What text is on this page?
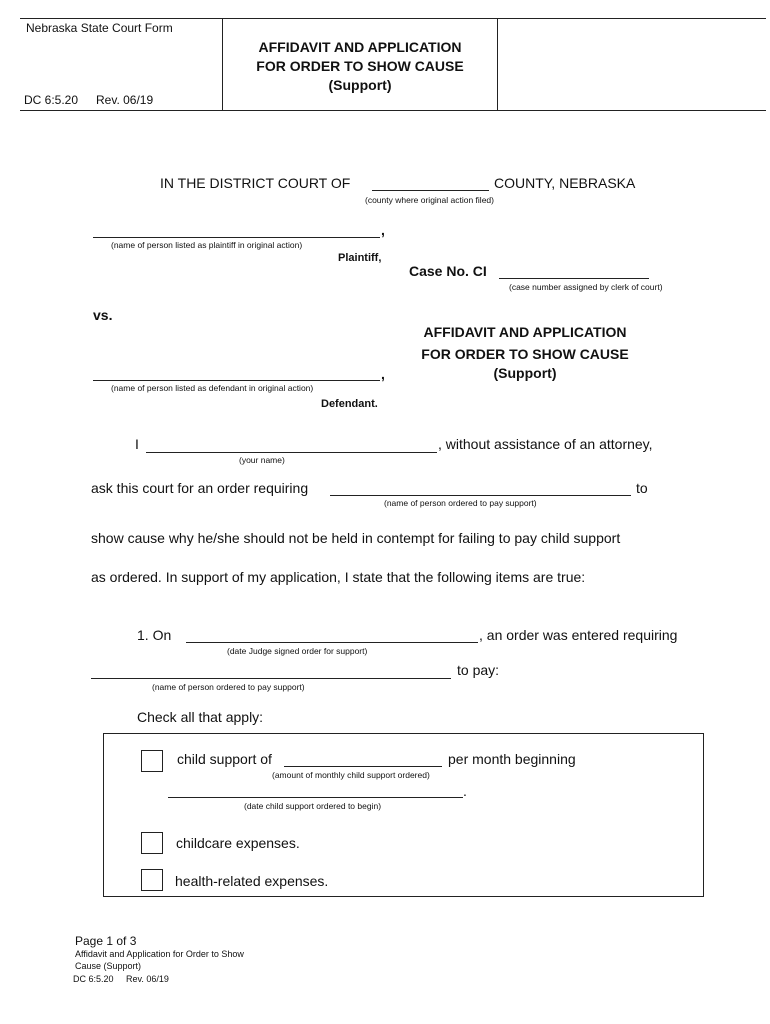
Nebraska State Court Form
DC 6:5.20 Rev. 06/19
AFFIDAVIT AND APPLICATION
FOR ORDER TO SHOW CAUSE
(Support)
IN THE DISTRICT COURT OF	COUNTY, NEBRASKA
(county where original action filed)
,
(name of person listed as plaintiff in original action)
Plaintiff,
Case No. CI
(case number assigned by clerk of court)
vs.
AFFIDAVIT AND APPLICATION
FOR ORDER TO SHOW CAUSE
(Support)
,
(name of person listed as defendant in original action)
Defendant.
I	, without assistance of an attorney,
(your name)
ask this court for an order requiring	to
(name of person ordered to pay support)
show cause why he/she should not be held in contempt for failing to pay child support
as ordered. In support of my application, I state that the following items are true:
1. On	, an order was entered requiring
(date Judge signed order for support)
to pay:
(name of person ordered to pay support)
Check all that apply:
child support of	per month beginning
(amount of monthly child support ordered)
.
(date child support ordered to begin)
childcare expenses.
health-related expenses.
Page 1 of 3
Affidavit and Application for Order to Show
Cause (Support)
DC 6:5.20     Rev. 06/19
